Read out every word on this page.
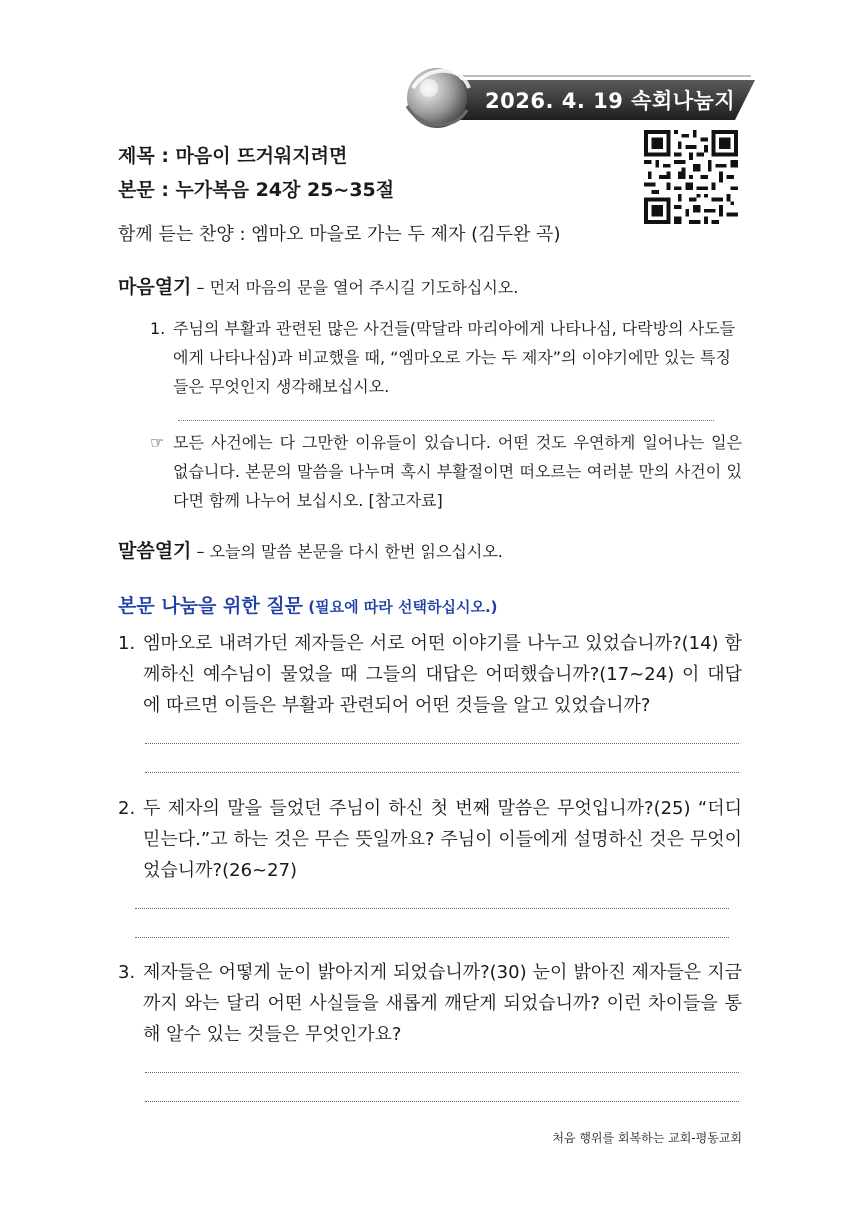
2026. 4. 19 속회나눔지
제목 : 마음이 뜨거워지려면
본문 : 누가복음 24장 25~35절
함께 듣는 찬양 : 엠마오 마을로 가는 두 제자 (김두완 곡)
마음열기 – 먼저 마음의 문을 열어 주시길 기도하십시오.
1. 주님의 부활과 관련된 많은 사건들(막달라 마리아에게 나타나심, 다락방의 사도들에게 나타나심)과 비교했을 때, “엠마오로 가는 두 제자”의 이야기에만 있는 특징들은 무엇인지 생각해보십시오.
☞ 모든 사건에는 다 그만한 이유들이 있습니다. 어떤 것도 우연하게 일어나는 일은 없습니다. 본문의 말씀을 나누며 혹시 부활절이면 떠오르는 여러분 만의 사건이 있다면 함께 나누어 보십시오. [참고자료]
말씀열기 – 오늘의 말씀 본문을 다시 한번 읽으십시오.
본문 나눔을 위한 질문 (필요에 따라 선택하십시오.)
1. 엠마오로 내려가던 제자들은 서로 어떤 이야기를 나누고 있었습니까?(14) 함께하신 예수님이 물었을 때 그들의 대답은 어떠했습니까?(17~24) 이 대답에 따르면 이들은 부활과 관련되어 어떤 것들을 알고 있었습니까?
2. 두 제자의 말을 들었던 주님이 하신 첫 번째 말씀은 무엇입니까?(25) “더디 믿는다.”고 하는 것은 무슨 뜻일까요? 주님이 이들에게 설명하신 것은 무엇이었습니까?(26~27)
3. 제자들은 어떻게 눈이 밝아지게 되었습니까?(30) 눈이 밝아진 제자들은 지금까지 와는 달리 어떤 사실들을 새롭게 깨닫게 되었습니까? 이런 차이들을 통해 알수 있는 것들은 무엇인가요?
처음 행위를 회복하는 교회-평동교회
